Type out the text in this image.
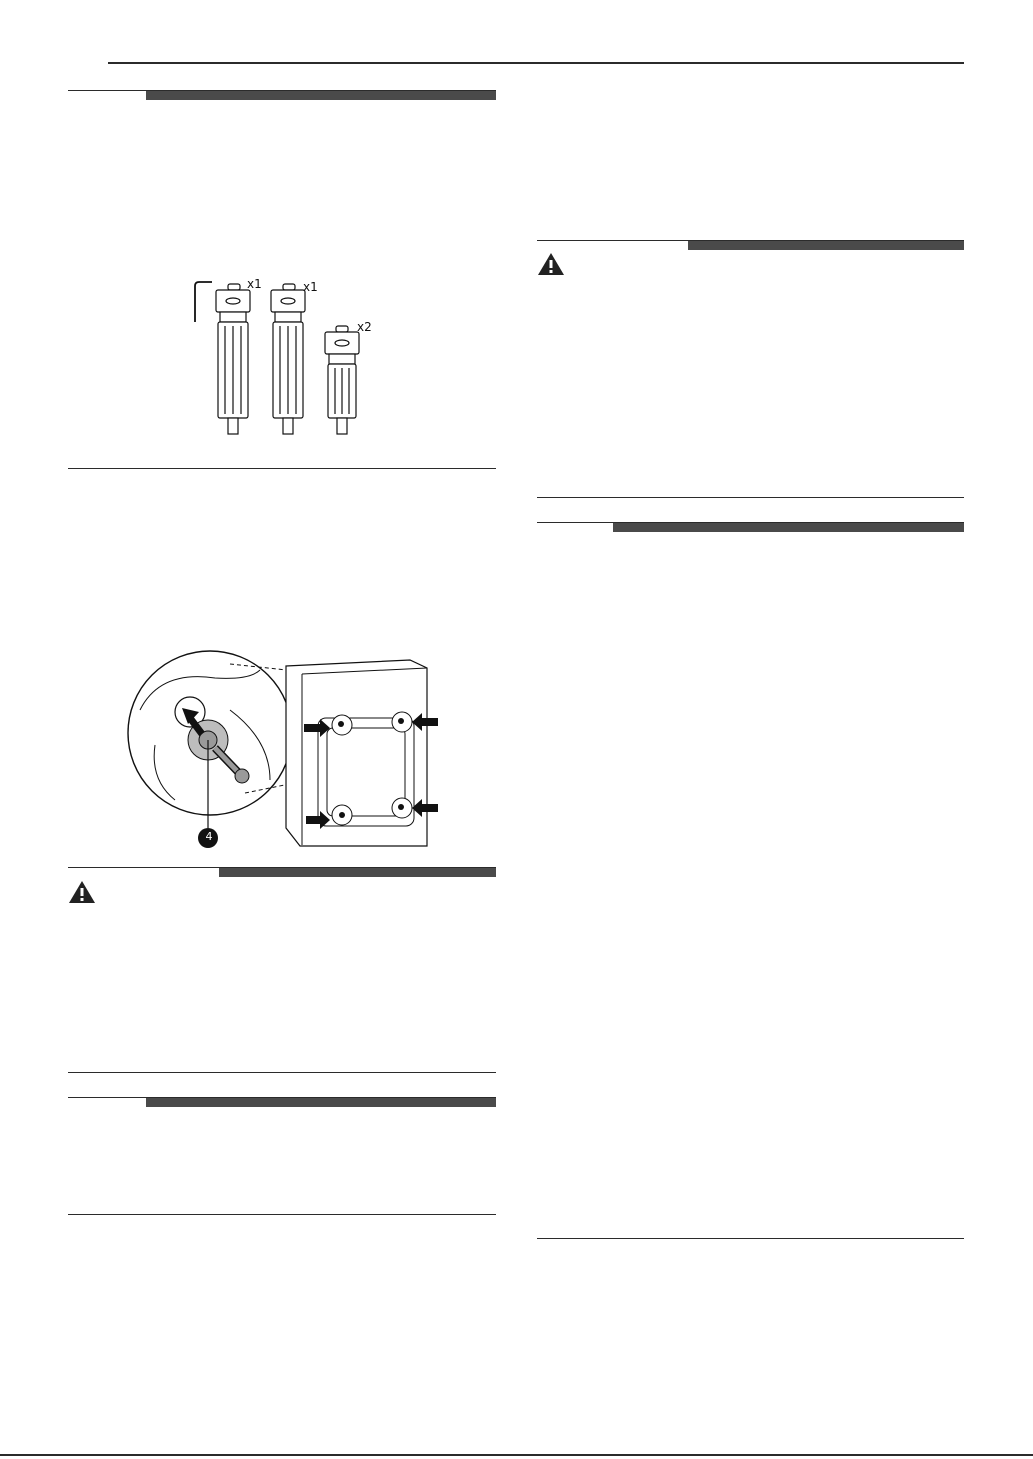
x1	x1
x2
4
